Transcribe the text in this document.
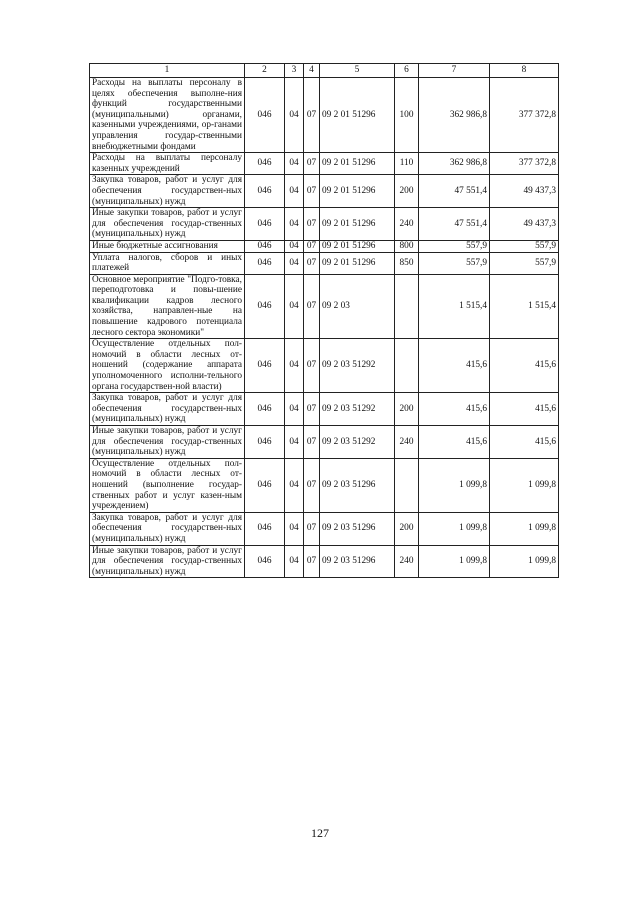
1	2	3	4	5	6	7	8
Расходы на выплаты персоналу в целях обеспечения выполне-ния функций государственными (муниципальными) органами, казенными учреждениями, ор-ганами управления государ-ственными внебюджетными фондами	046	04	07	09 2 01 51296	100	362 986,8	377 372,8
Расходы на выплаты персоналу казенных учреждений	046	04	07	09 2 01 51296	110	362 986,8	377 372,8
Закупка товаров, работ и услуг для обеспечения государствен-ных (муниципальных) нужд	046	04	07	09 2 01 51296	200	47 551,4	49 437,3
Иные закупки товаров, работ и услуг для обеспечения государ-ственных (муниципальных) нужд	046	04	07	09 2 01 51296	240	47 551,4	49 437,3
Иные бюджетные ассигнования	046	04	07	09 2 01 51296	800	557,9	557,9
Уплата налогов, сборов и иных платежей	046	04	07	09 2 01 51296	850	557,9	557,9
Основное мероприятие "Подго-товка, переподготовка и повы-шение квалификации кадров лесного хозяйства, направлен-ные на повышение кадрового потенциала лесного сектора экономики"	046	04	07	09 2 03		1 515,4	1 515,4
Осуществление отдельных пол-номочий в области лесных от-ношений (содержание аппарата уполномоченного исполни-тельного органа государствен-ной власти)	046	04	07	09 2 03 51292		415,6	415,6
Закупка товаров, работ и услуг для обеспечения государствен-ных (муниципальных) нужд	046	04	07	09 2 03 51292	200	415,6	415,6
Иные закупки товаров, работ и услуг для обеспечения государ-ственных (муниципальных) нужд	046	04	07	09 2 03 51292	240	415,6	415,6
Осуществление отдельных пол-номочий в области лесных от-ношений (выполнение государ-ственных работ и услуг казен-ным учреждением)	046	04	07	09 2 03 51296		1 099,8	1 099,8
Закупка товаров, работ и услуг для обеспечения государствен-ных (муниципальных) нужд	046	04	07	09 2 03 51296	200	1 099,8	1 099,8
Иные закупки товаров, работ и услуг для обеспечения государ-ственных (муниципальных) нужд	046	04	07	09 2 03 51296	240	1 099,8	1 099,8
127
